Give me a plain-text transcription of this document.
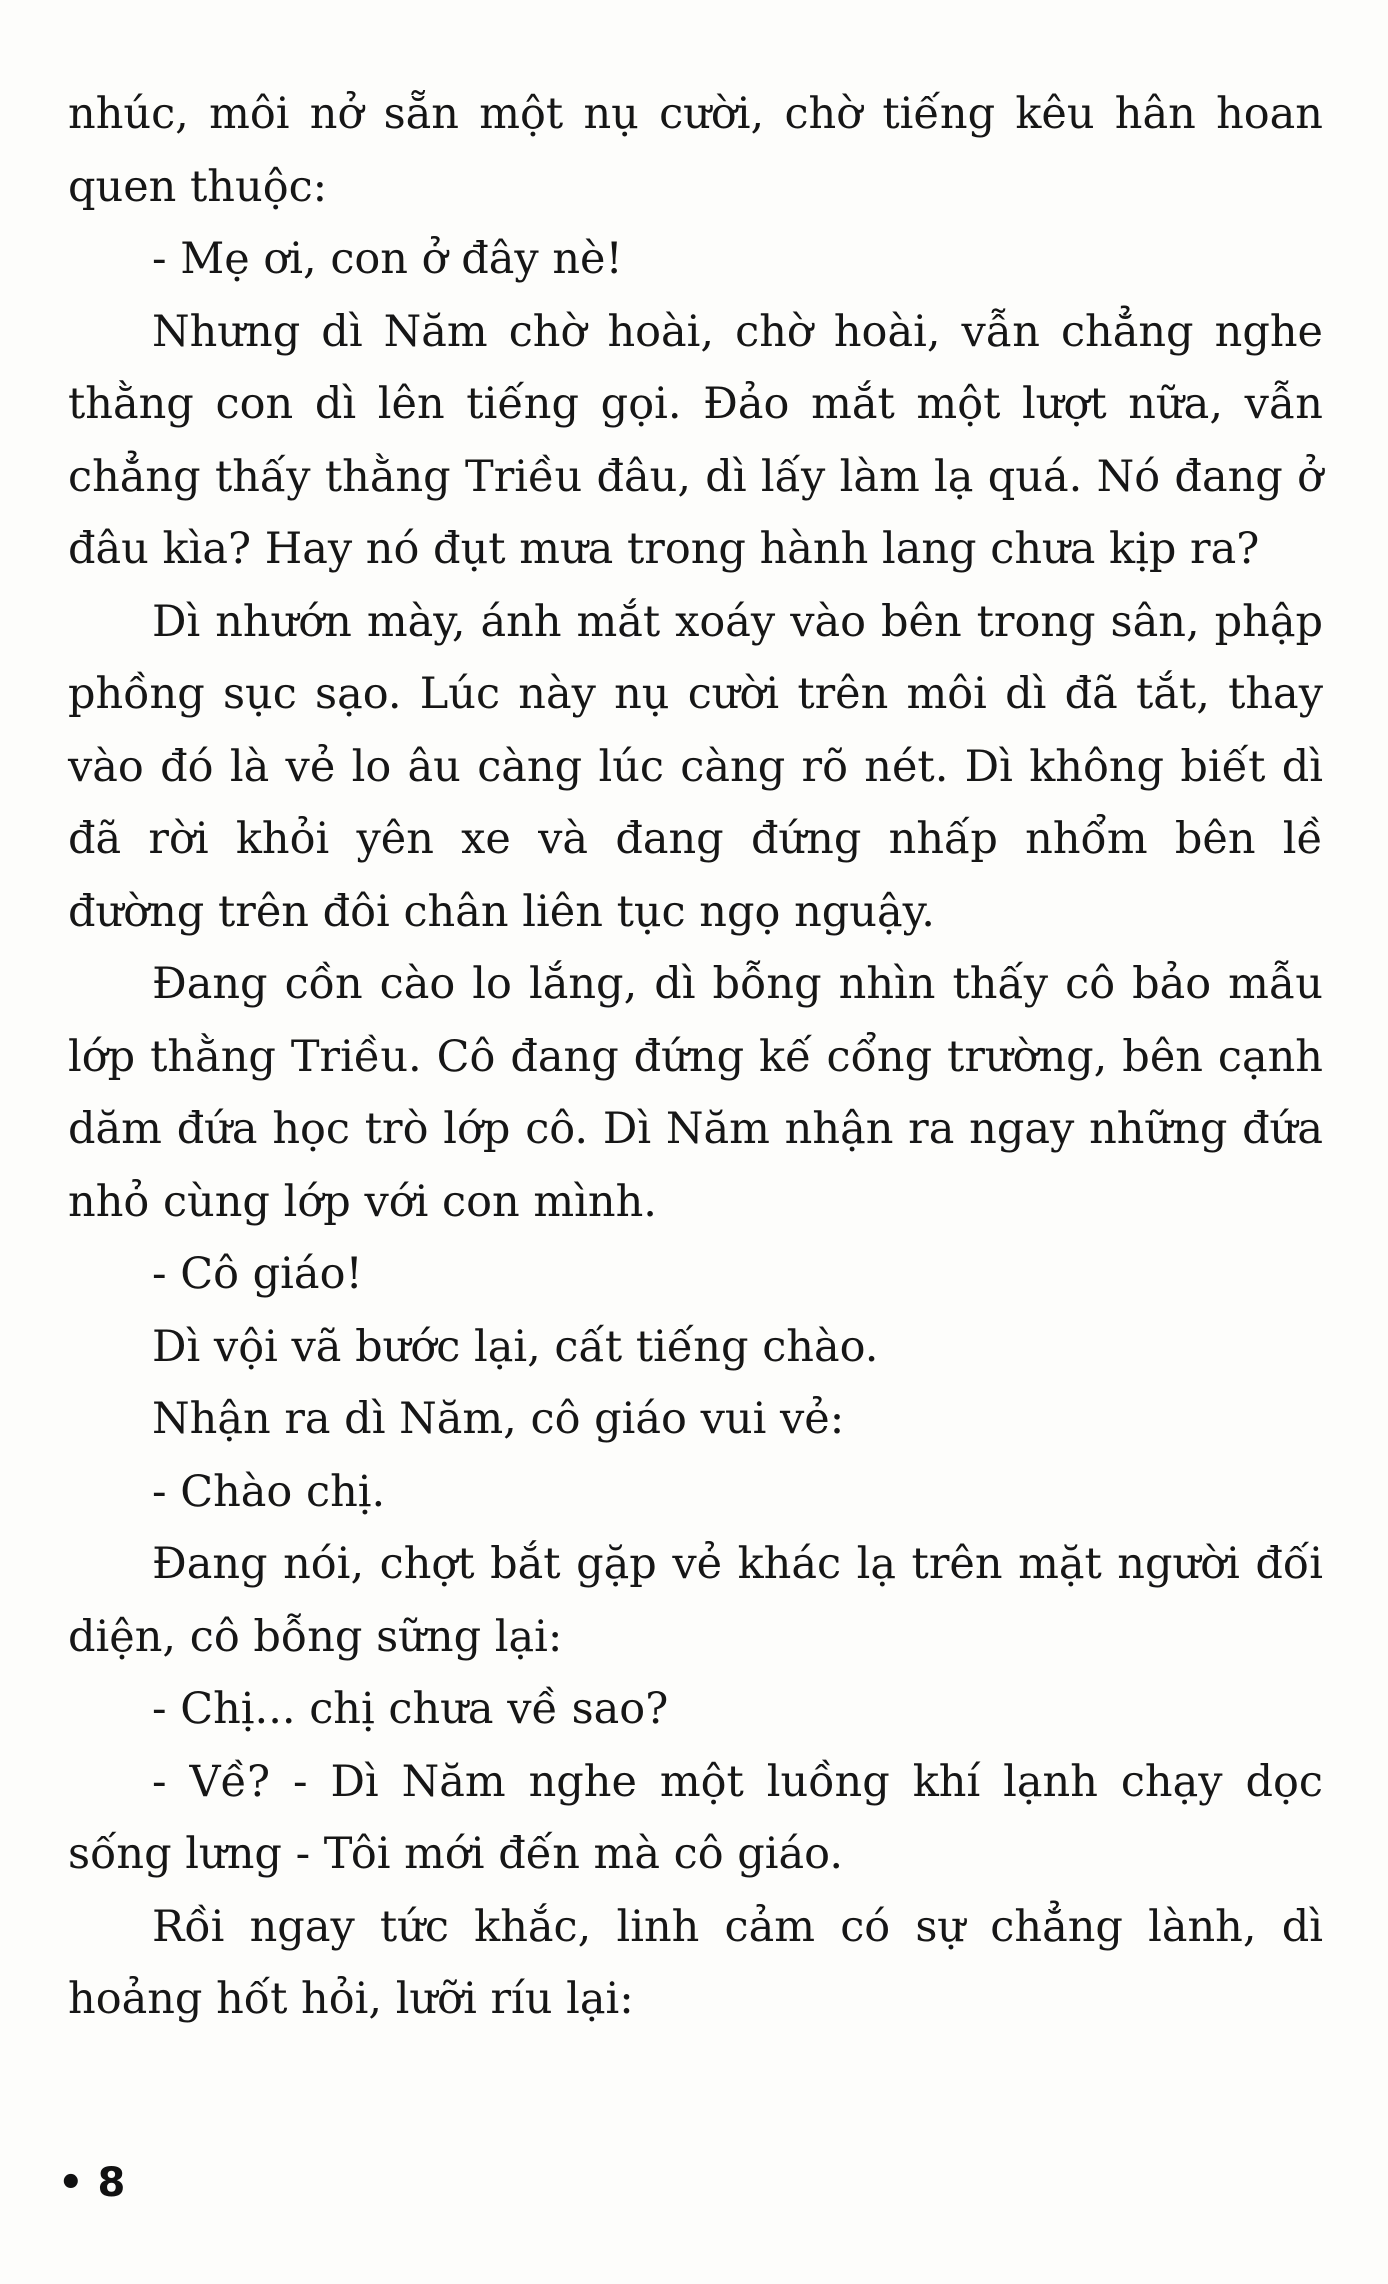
nhúc, môi nở sẵn một nụ cười, chờ tiếng kêu hân hoan quen thuộc:

- Mẹ ơi, con ở đây nè!

Nhưng dì Năm chờ hoài, chờ hoài, vẫn chẳng nghe thằng con dì lên tiếng gọi. Đảo mắt một lượt nữa, vẫn chẳng thấy thằng Triều đâu, dì lấy làm lạ quá. Nó đang ở đâu kìa? Hay nó đụt mưa trong hành lang chưa kịp ra?

Dì nhướn mày, ánh mắt xoáy vào bên trong sân, phập phồng sục sạo. Lúc này nụ cười trên môi dì đã tắt, thay vào đó là vẻ lo âu càng lúc càng rõ nét. Dì không biết dì đã rời khỏi yên xe và đang đứng nhấp nhổm bên lề đường trên đôi chân liên tục ngọ nguậy.

Đang cồn cào lo lắng, dì bỗng nhìn thấy cô bảo mẫu lớp thằng Triều. Cô đang đứng kế cổng trường, bên cạnh dăm đứa học trò lớp cô. Dì Năm nhận ra ngay những đứa nhỏ cùng lớp với con mình.

- Cô giáo!

Dì vội vã bước lại, cất tiếng chào.

Nhận ra dì Năm, cô giáo vui vẻ:

- Chào chị.

Đang nói, chợt bắt gặp vẻ khác lạ trên mặt người đối diện, cô bỗng sững lại:

- Chị... chị chưa về sao?

- Về? - Dì Năm nghe một luồng khí lạnh chạy dọc sống lưng - Tôi mới đến mà cô giáo.

Rồi ngay tức khắc, linh cảm có sự chẳng lành, dì hoảng hốt hỏi, lưỡi ríu lại:

• 8
